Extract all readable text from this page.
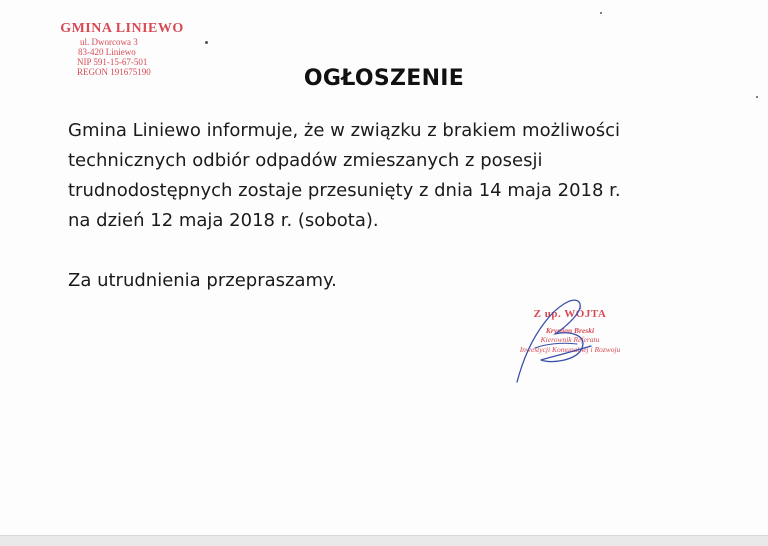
GMINA LINIEWO
ul. Dworcowa 3
83-420 Liniewo
NIP 591-15-67-501
REGON 191675190	OGŁOSZENIE

Gmina Liniewo informuje, że w związku z brakiem możliwości
technicznych odbiór odpadów zmieszanych z posesji
trudnodostępnych zostaje przesunięty z dnia 14 maja 2018 r.
na dzień 12 maja 2018 r. (sobota).

Za utrudnienia przepraszamy.
Z up. WÓJTA
Krystian Breski
Kierownik Referatu
Inwestycji Komunalnej i Rozwoju
